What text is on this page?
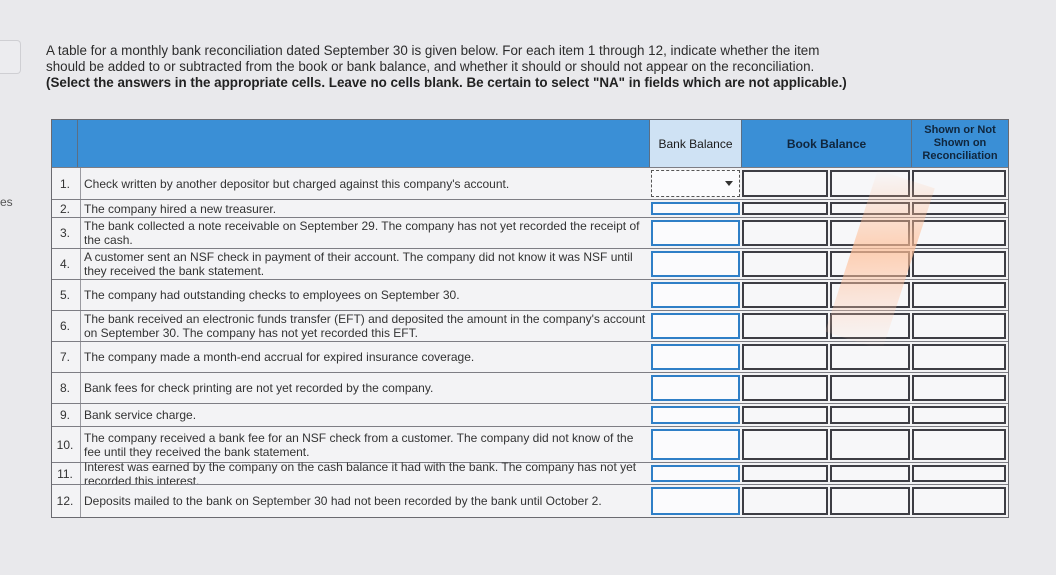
es
A table for a monthly bank reconciliation dated September 30 is given below. For each item 1 through 12, indicate whether the item
should be added to or subtracted from the book or bank balance, and whether it should or should not appear on the reconciliation.
(Select the answers in the appropriate cells. Leave no cells blank. Be certain to select "NA" in fields which are not applicable.)
Bank Balance	Book Balance
Shown or Not Shown on Reconciliation
1.	Check written by another depositor but charged against this company's account.
2.	The company hired a new treasurer.
3.	The bank collected a note receivable on September 29. The company has not yet recorded the receipt of the cash.
4.	A customer sent an NSF check in payment of their account. The company did not know it was NSF until they received the bank statement.
5.	The company had outstanding checks to employees on September 30.
6.	The bank received an electronic funds transfer (EFT) and deposited the amount in the company's account on September 30. The company has not yet recorded this EFT.
7.	The company made a month-end accrual for expired insurance coverage.
8.	Bank fees for check printing are not yet recorded by the company.
9.	Bank service charge.
10. The company received a bank fee for an NSF check from a customer. The company did not know of the fee until they received the bank statement.
11. Interest was earned by the company on the cash balance it had with the bank. The company has not yet recorded this interest.
12. Deposits mailed to the bank on September 30 had not been recorded by the bank until October 2.
